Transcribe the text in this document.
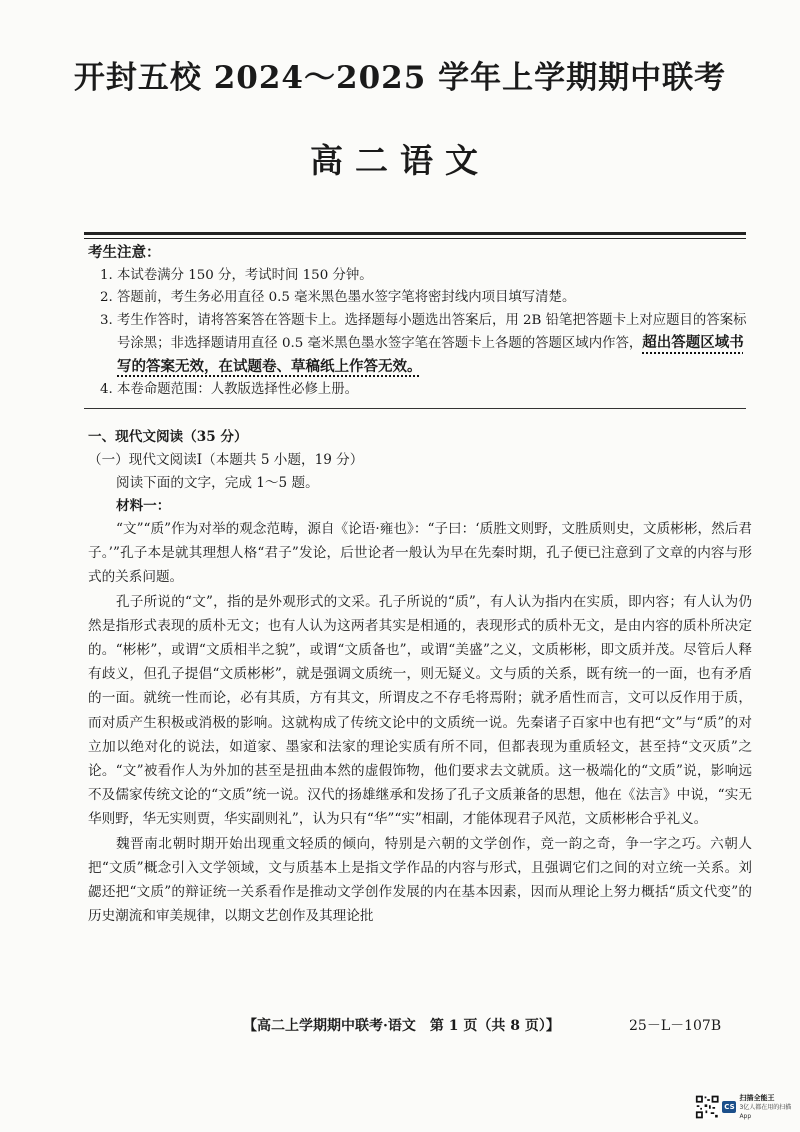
开封五校 2024～2025 学年上学期期中联考
高二语文
考生注意：
1. 本试卷满分 150 分，考试时间 150 分钟。
2. 答题前，考生务必用直径 0.5 毫米黑色墨水签字笔将密封线内项目填写清楚。
3. 考生作答时，请将答案答在答题卡上。选择题每小题选出答案后，用 2B 铅笔把答题卡上对应题目的答案标号涂黑；非选择题请用直径 0.5 毫米黑色墨水签字笔在答题卡上各题的答题区域内作答，超出答题区域书写的答案无效，在试题卷、草稿纸上作答无效。
4. 本卷命题范围：人教版选择性必修上册。
一、现代文阅读（35 分）
（一）现代文阅读Ⅰ（本题共 5 小题，19 分）
阅读下面的文字，完成 1～5 题。
材料一：

“文”“质”作为对举的观念范畴，源自《论语·雍也》：“子曰：‘质胜文则野，文胜质则史，文质彬彬，然后君子。’”孔子本是就其理想人格“君子”发论，后世论者一般认为早在先秦时期，孔子便已注意到了文章的内容与形式的关系问题。

孔子所说的“文”，指的是外观形式的文采。孔子所说的“质”，有人认为指内在实质，即内容；有人认为仍然是指形式表现的质朴无文；也有人认为这两者其实是相通的，表现形式的质朴无文，是由内容的质朴所决定的。“彬彬”，或谓“文质相半之貌”，或谓“文质备也”，或谓“美盛”之义，文质彬彬，即文质并茂。尽管后人释有歧义，但孔子提倡“文质彬彬”，就是强调文质统一，则无疑义。文与质的关系，既有统一的一面，也有矛盾的一面。就统一性而论，必有其质，方有其文，所谓皮之不存毛将焉附；就矛盾性而言，文可以反作用于质，而对质产生积极或消极的影响。这就构成了传统文论中的文质统一说。先秦诸子百家中也有把“文”与“质”的对立加以绝对化的说法，如道家、墨家和法家的理论实质有所不同，但都表现为重质轻文，甚至持“文灭质”之论。“文”被看作人为外加的甚至是扭曲本然的虚假饰物，他们要求去文就质。这一极端化的“文质”说，影响远不及儒家传统文论的“文质”统一说。汉代的扬雄继承和发扬了孔子文质兼备的思想，他在《法言》中说，“实无华则野，华无实则贾，华实副则礼”，认为只有“华”“实”相副，才能体现君子风范，文质彬彬合乎礼义。

魏晋南北朝时期开始出现重文轻质的倾向，特别是六朝的文学创作，竞一韵之奇，争一字之巧。六朝人把“文质”概念引入文学领域，文与质基本上是指文学作品的内容与形式，且强调它们之间的对立统一关系。刘勰还把“文质”的辩证统一关系看作是推动文学创作发展的内在基本因素，因而从理论上努力概括“质文代变”的历史潮流和审美规律，以期文艺创作及其理论批

【高二上学期期中联考·语文　第 1 页（共 8 页）】	25－L－107B
CS
扫描全能王
3亿人都在用的扫描App
